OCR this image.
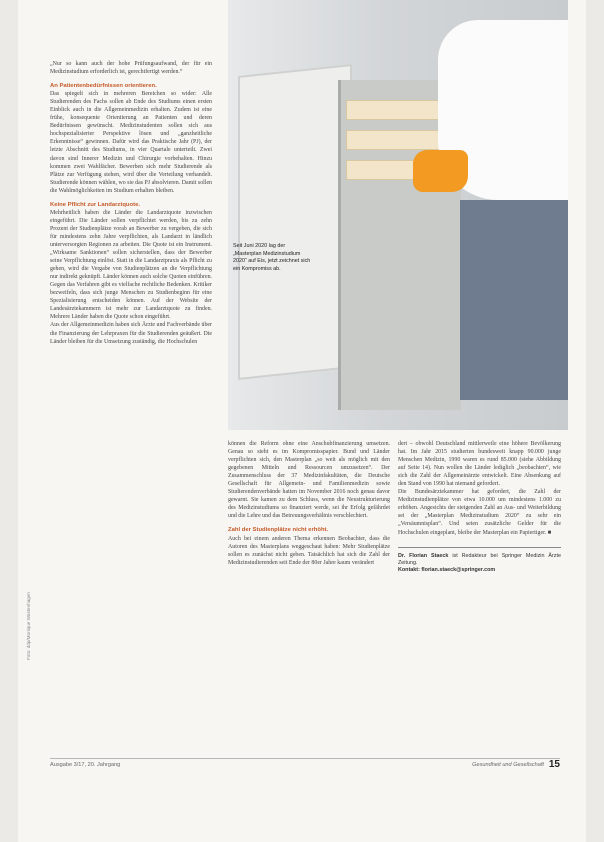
Seit Juni 2020 lag der „Masterplan Medizinstudium 2020“ auf Eis, jetzt zeichnet sich ein Kompromiss ab.

„Nur so kann auch der hohe Prüfungsaufwand, der für ein Medizinstudium erforderlich ist, gerechtfertigt werden.“

An Patientenbedürfnissen orientieren.

Das spiegelt sich in mehreren Bereichen so wider: Alle Studierenden des Fachs sollen ab Ende des Studiums einen ersten Einblick auch in die Allgemeinmedizin erhalten. Zudem ist eine frühe, konsequente Orientierung an Patienten und deren Bedürfnissen gewünscht. Medizinstudenten sollen sich aus hochspezialisierter Perspektive lösen und „ganzheitliche Erkenntnisse“ gewinnen. Dafür wird das Praktische Jahr (PJ), der letzte Abschnitt des Studiums, in vier Quartale unterteilt. Zwei davon sind Innerer Medizin und Chirurgie vorbehalten. Hinzu kommen zwei Wahlfächer. Bewerben sich mehr Studierende als Plätze zur Verfügung stehen, wird über die Verteilung verhandelt. Studierende können wählen, wo sie das PJ absolvieren. Damit sollen die Wahlmöglichkeiten im Studium erhalten bleiben.

Keine Pflicht zur Landarztquote.

Mehrheitlich haben die Länder die Landarztquote inzwischen eingeführt. Die Länder sollen verpflichtet werden, bis zu zehn Prozent der Studienplätze vorab an Bewerber zu vergeben, die sich für mindestens zehn Jahre verpflichten, als Landarzt in ländlich unterversorgten Regionen zu arbeiten. Die Quote ist ein Instrument. „Wirksame Sanktionen“ sollen sicherstellen, dass der Bewerber seine Verpflichtung einlöst. Statt in die Landarztpraxis als Pflicht zu gehen, wird die Vergabe von Studienplätzen an die Verpflichtung nur indirekt geknüpft. Länder können auch solche Quoten einführen. Gegen das Verfahren gibt es vielfache rechtliche Bedenken. Kritiker bezweifeln, dass sich junge Menschen zu Studienbeginn für eine Spezialisierung entscheiden können. Auf der Website der Landesärztekammern ist mehr zur Landarztquote zu finden. Mehrere Länder haben die Quote schon eingeführt.

Aus der Allgemeinmedizin haben sich Ärzte und Fachverbände über die Finanzierung der Lehrpraxen für die Studierenden geäußert. Die Länder bleiben für die Umsetzung zuständig, die Hochschulen

können die Reform ohne eine Anschubfinanzierung umsetzen. Genau so steht es im Kompromisspapier. Bund und Länder verpflichten sich, den Masterplan „so weit als möglich mit den gegebenen Mitteln und Ressourcen umzusetzen“. Der Zusammenschluss der 37 Medizinfakultäten, die Deutsche Gesellschaft für Allgemein- und Familienmedizin sowie Studierendenverbände hatten im November 2016 noch genau davor gewarnt. Sie kamen zu dem Schluss, wenn die Neustrukturierung des Medizinstudiums so finanziert werde, sei ihr Erfolg gefährdet und die Lehre und das Betreuungsverhältnis verschlechtert.

Zahl der Studienplätze nicht erhöht.

Auch bei einem anderen Thema erkennen Beobachter, dass die Autoren des Masterplans weggeschaut haben: Mehr Studienplätze sollen es zunächst nicht geben. Tatsächlich hat sich die Zahl der Medizinstudierenden seit Ende der 80er Jahre kaum verändert

dert – obwohl Deutschland mittlerweile eine höhere Bevölkerung hat. Im Jahr 2015 studierten bundesweit knapp 90.000 junge Menschen Medizin, 1990 waren es rund 85.000 (siehe Abbildung auf Seite 14). Nun wollen die Länder lediglich „beobachten“, wie sich die Zahl der Allgemeinärzte entwickelt. Eine Absenkung auf den Stand von 1990 hat niemand gefordert.

Die Bundesärztekammer hat gefordert, die Zahl der Medizinstudienplätze von etwa 10.000 um mindestens 1.000 zu erhöhen. Angesichts der steigenden Zahl an Aus- und Weiterbildung sei der „Masterplan Medizinstudium 2020“ zu sehr ein „Versäumnisplan“. Und seien zusätzliche Gelder für die Hochschulen eingeplant, bleibe der Masterplan ein Papiertiger. ■

Dr. Florian Staeck ist Redakteur bei Springer Medizin Ärzte Zeitung.
Kontakt: florian.staeck@springer.com

Foto: ddp/Monique Wüstenhagen
Ausgabe 3/17, 20. Jahrgang	Gesundheit und Gesellschaft 15
